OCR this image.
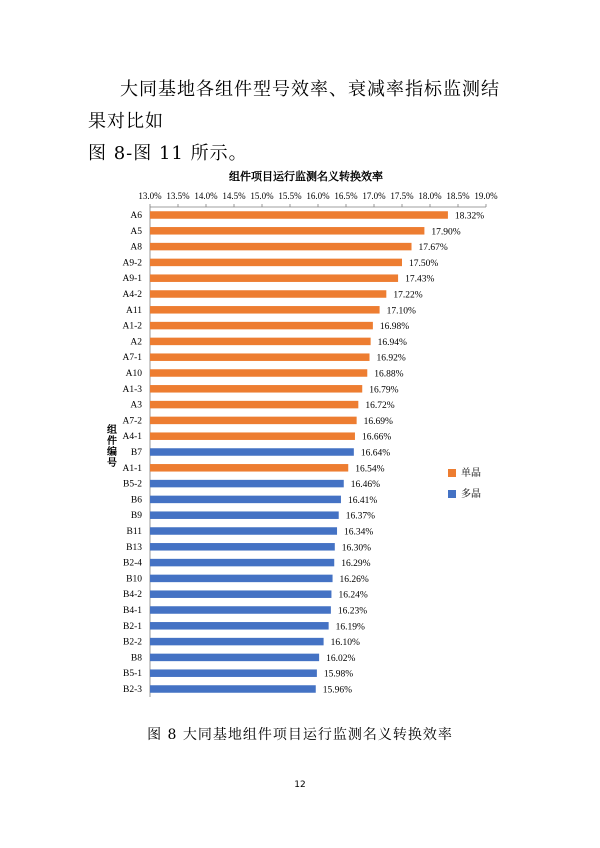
大同基地各组件型号效率、衰减率指标监测结果对比如
图 8-图 11 所示。
组件项目运行监测名义转换效率
13.0% 13.5% 14.0% 14.5% 15.0% 15.5% 16.0% 16.5% 17.0% 17.5% 18.0% 18.5% 19.0%
A6
A5
A8
A9-2
A9-1
A4-2
A11
A1-2
A2
A7-1
A10
A1-3
A3
A7-2
A4-1
B7
A1-1
B5-2
B6
B9
B11
B13
B2-4
B10
B4-2
B4-1
B2-1
B2-2
B8
B5-1
B2-3
18.32%
17.90%
17.67%
17.50%
17.43%
17.22%
17.10%
16.98%
16.94%
16.92%
16.88%
16.79%
16.72%
16.69%
16.66%
16.64%
16.54%
16.46%
16.41%
16.37%
16.34%
16.30%
16.29%
16.26%
16.24%
16.23%
16.19%
16.10%
16.02%
15.98%
15.96%
组
件
编
号
单晶
多晶
图 8 大同基地组件项目运行监测名义转换效率
12
